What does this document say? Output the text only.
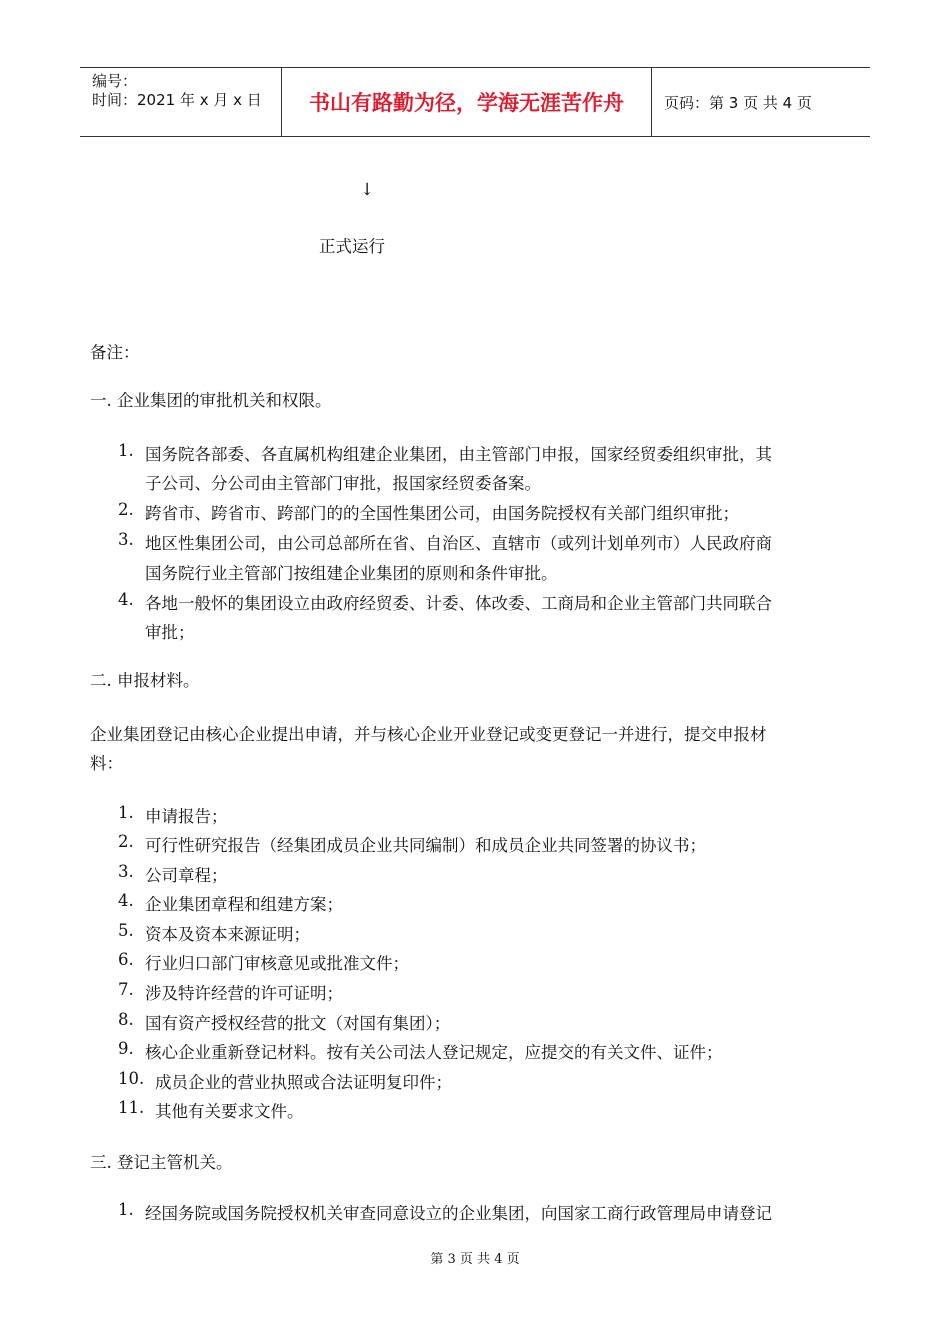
编号：
时间：2021 年 x 月 x 日	书山有路勤为径，学海无涯苦作舟	页码：第 3 页 共 4 页
↓
正式运行
备注：
一. 企业集团的审批机关和权限。
1. 国务院各部委、各直属机构组建企业集团，由主管部门申报，国家经贸委组织审批，其
子公司、分公司由主管部门审批，报国家经贸委备案。
2. 跨省市、跨省市、跨部门的的全国性集团公司，由国务院授权有关部门组织审批；
3. 地区性集团公司，由公司总部所在省、自治区、直辖市（或列计划单列市）人民政府商
国务院行业主管部门按组建企业集团的原则和条件审批。
4. 各地一般怀的集团设立由政府经贸委、计委、体改委、工商局和企业主管部门共同联合
审批；
二. 申报材料。
企业集团登记由核心企业提出申请，并与核心企业开业登记或变更登记一并进行，提交申报材
料：
1. 申请报告；
2. 可行性研究报告（经集团成员企业共同编制）和成员企业共同签署的协议书；
3. 公司章程；
4. 企业集团章程和组建方案；
5. 资本及资本来源证明；
6. 行业归口部门审核意见或批准文件；
7. 涉及特许经营的许可证明；
8. 国有资产授权经营的批文（对国有集团）；
9. 核心企业重新登记材料。按有关公司法人登记规定，应提交的有关文件、证件；
10. 成员企业的营业执照或合法证明复印件；
11. 其他有关要求文件。
三. 登记主管机关。
1. 经国务院或国务院授权机关审查同意设立的企业集团，向国家工商行政管理局申请登记
第 3 页 共 4 页
